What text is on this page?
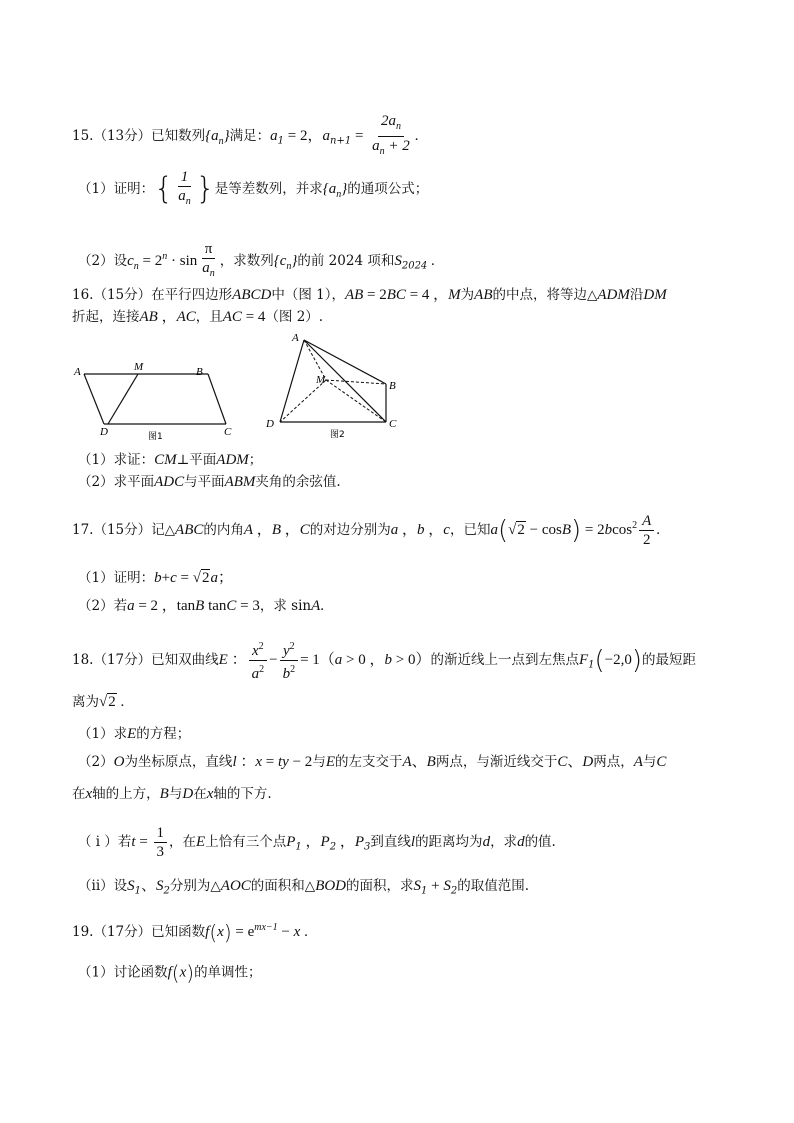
15.（13分）已知数列$\{a_n\}$满足：$a_1 = 2$，$a_{n+1} = \frac{2a_n}{a_n + 2}$ .
（1）证明：{ $\frac{1}{a_n}$ }是等差数列，并求$\{a_n\}$的通项公式；
（2）设$c_n = 2^n \cdot \sin \frac{\pi}{a_n}$ ，求数列$\{c_n\}$的前 2024 项和$S_{2024}$ .
16.（15分）在平行四边形ABCD中（图 1），AB = 2BC = 4 ，M为AB的中点，将等边△ADM沿DM
折起，连接AB ，AC，且AC = 4（图 2）.
A	M	B
D	C
图1
A
M	B
D	C
图2
（1）求证：CM⊥平面ADM；
（2）求平面ADC与平面ABM夹角的余弦值.
17.（15分）记△ABC的内角A ，B ，C的对边分别为a ，b ，c，已知$a(√2 - \cos B) = 2bcos^2 \frac{A}{2}$ .
（1）证明：b+c = √2a；
（2）若a = 2 ，tanB tanC = 3，求 sinA.
18.（17分）已知双曲线E ： $\frac{x^2}{a^2} - \frac{y^2}{b^2} = 1(a > 0$ ，b > 0）的渐近线上一点到左焦点$F_1(-2,0)$的最短距
离为√2 .
（1）求E的方程；
（2）O为坐标原点，直线l ：x = ty − 2与E的左支交于A、B两点，与渐近线交于C、D两点，A与C
在x轴的上方，B与D在x轴的下方.
（ i ）若$t = \frac{1}{3}$ ，在E上恰有三个点$P_1$ ，$P_2$ ，$P_3$到直线l的距离均为d，求d的值.
（ii）设$S_1$、$S_2$分别为△AOC的面积和△BOD的面积，求$S_1 + S_2$的取值范围.
19.（17分）已知函数$f(x) = e^{mx-1} - x$ .
（1）讨论函数f(x)的单调性；
